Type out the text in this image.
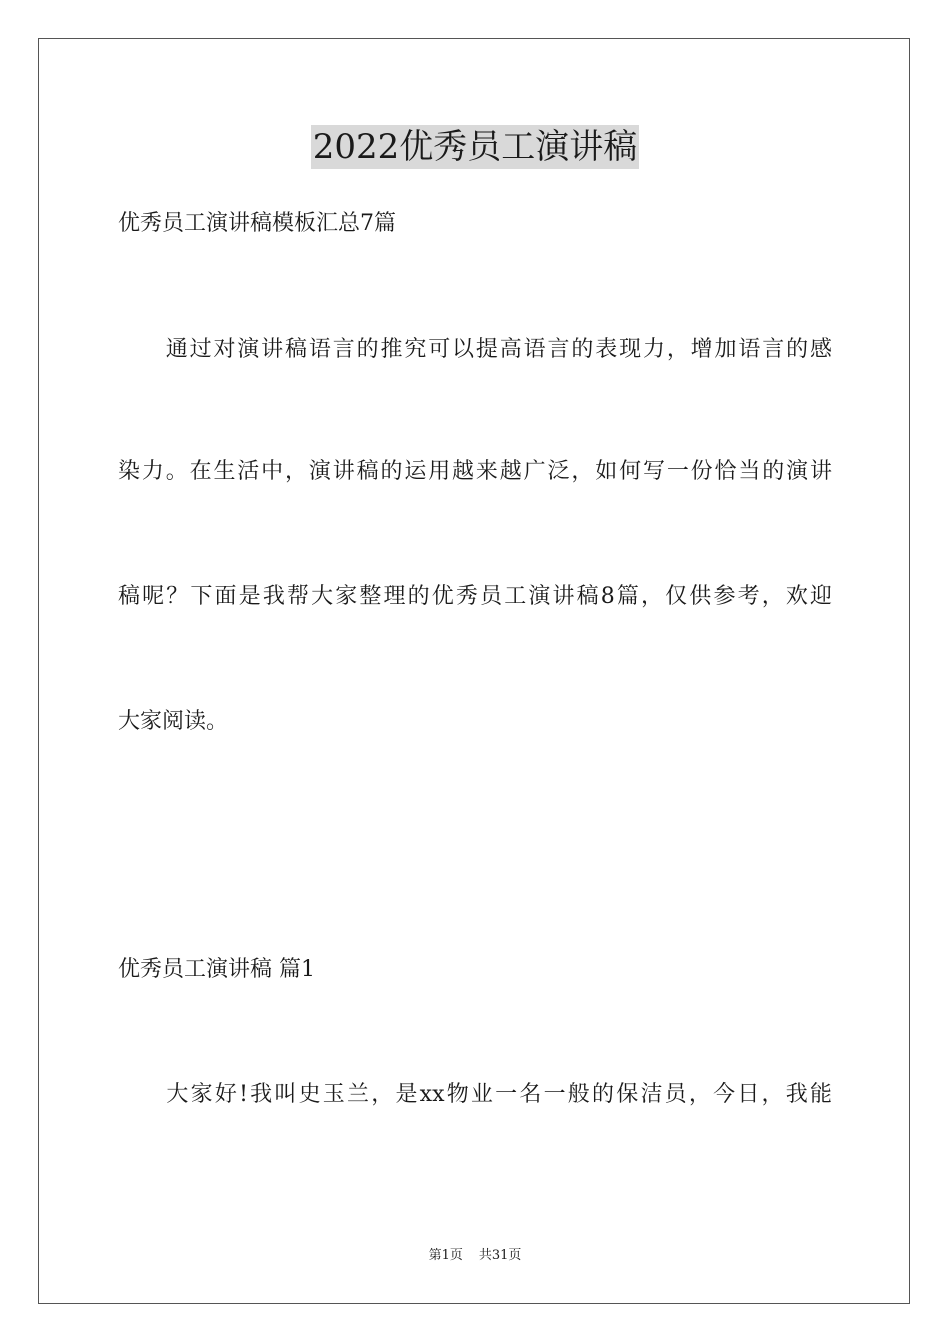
2022优秀员工演讲稿
优秀员工演讲稿模板汇总7篇
　　通过对演讲稿语言的推究可以提高语言的表现力，增加语言的感
染力。在生活中，演讲稿的运用越来越广泛，如何写一份恰当的演讲
稿呢？下面是我帮大家整理的优秀员工演讲稿8篇，仅供参考，欢迎
大家阅读。
优秀员工演讲稿 篇1
　　大家好!我叫史玉兰，是xx物业一名一般的保洁员，今日，我能
第1页 共31页
